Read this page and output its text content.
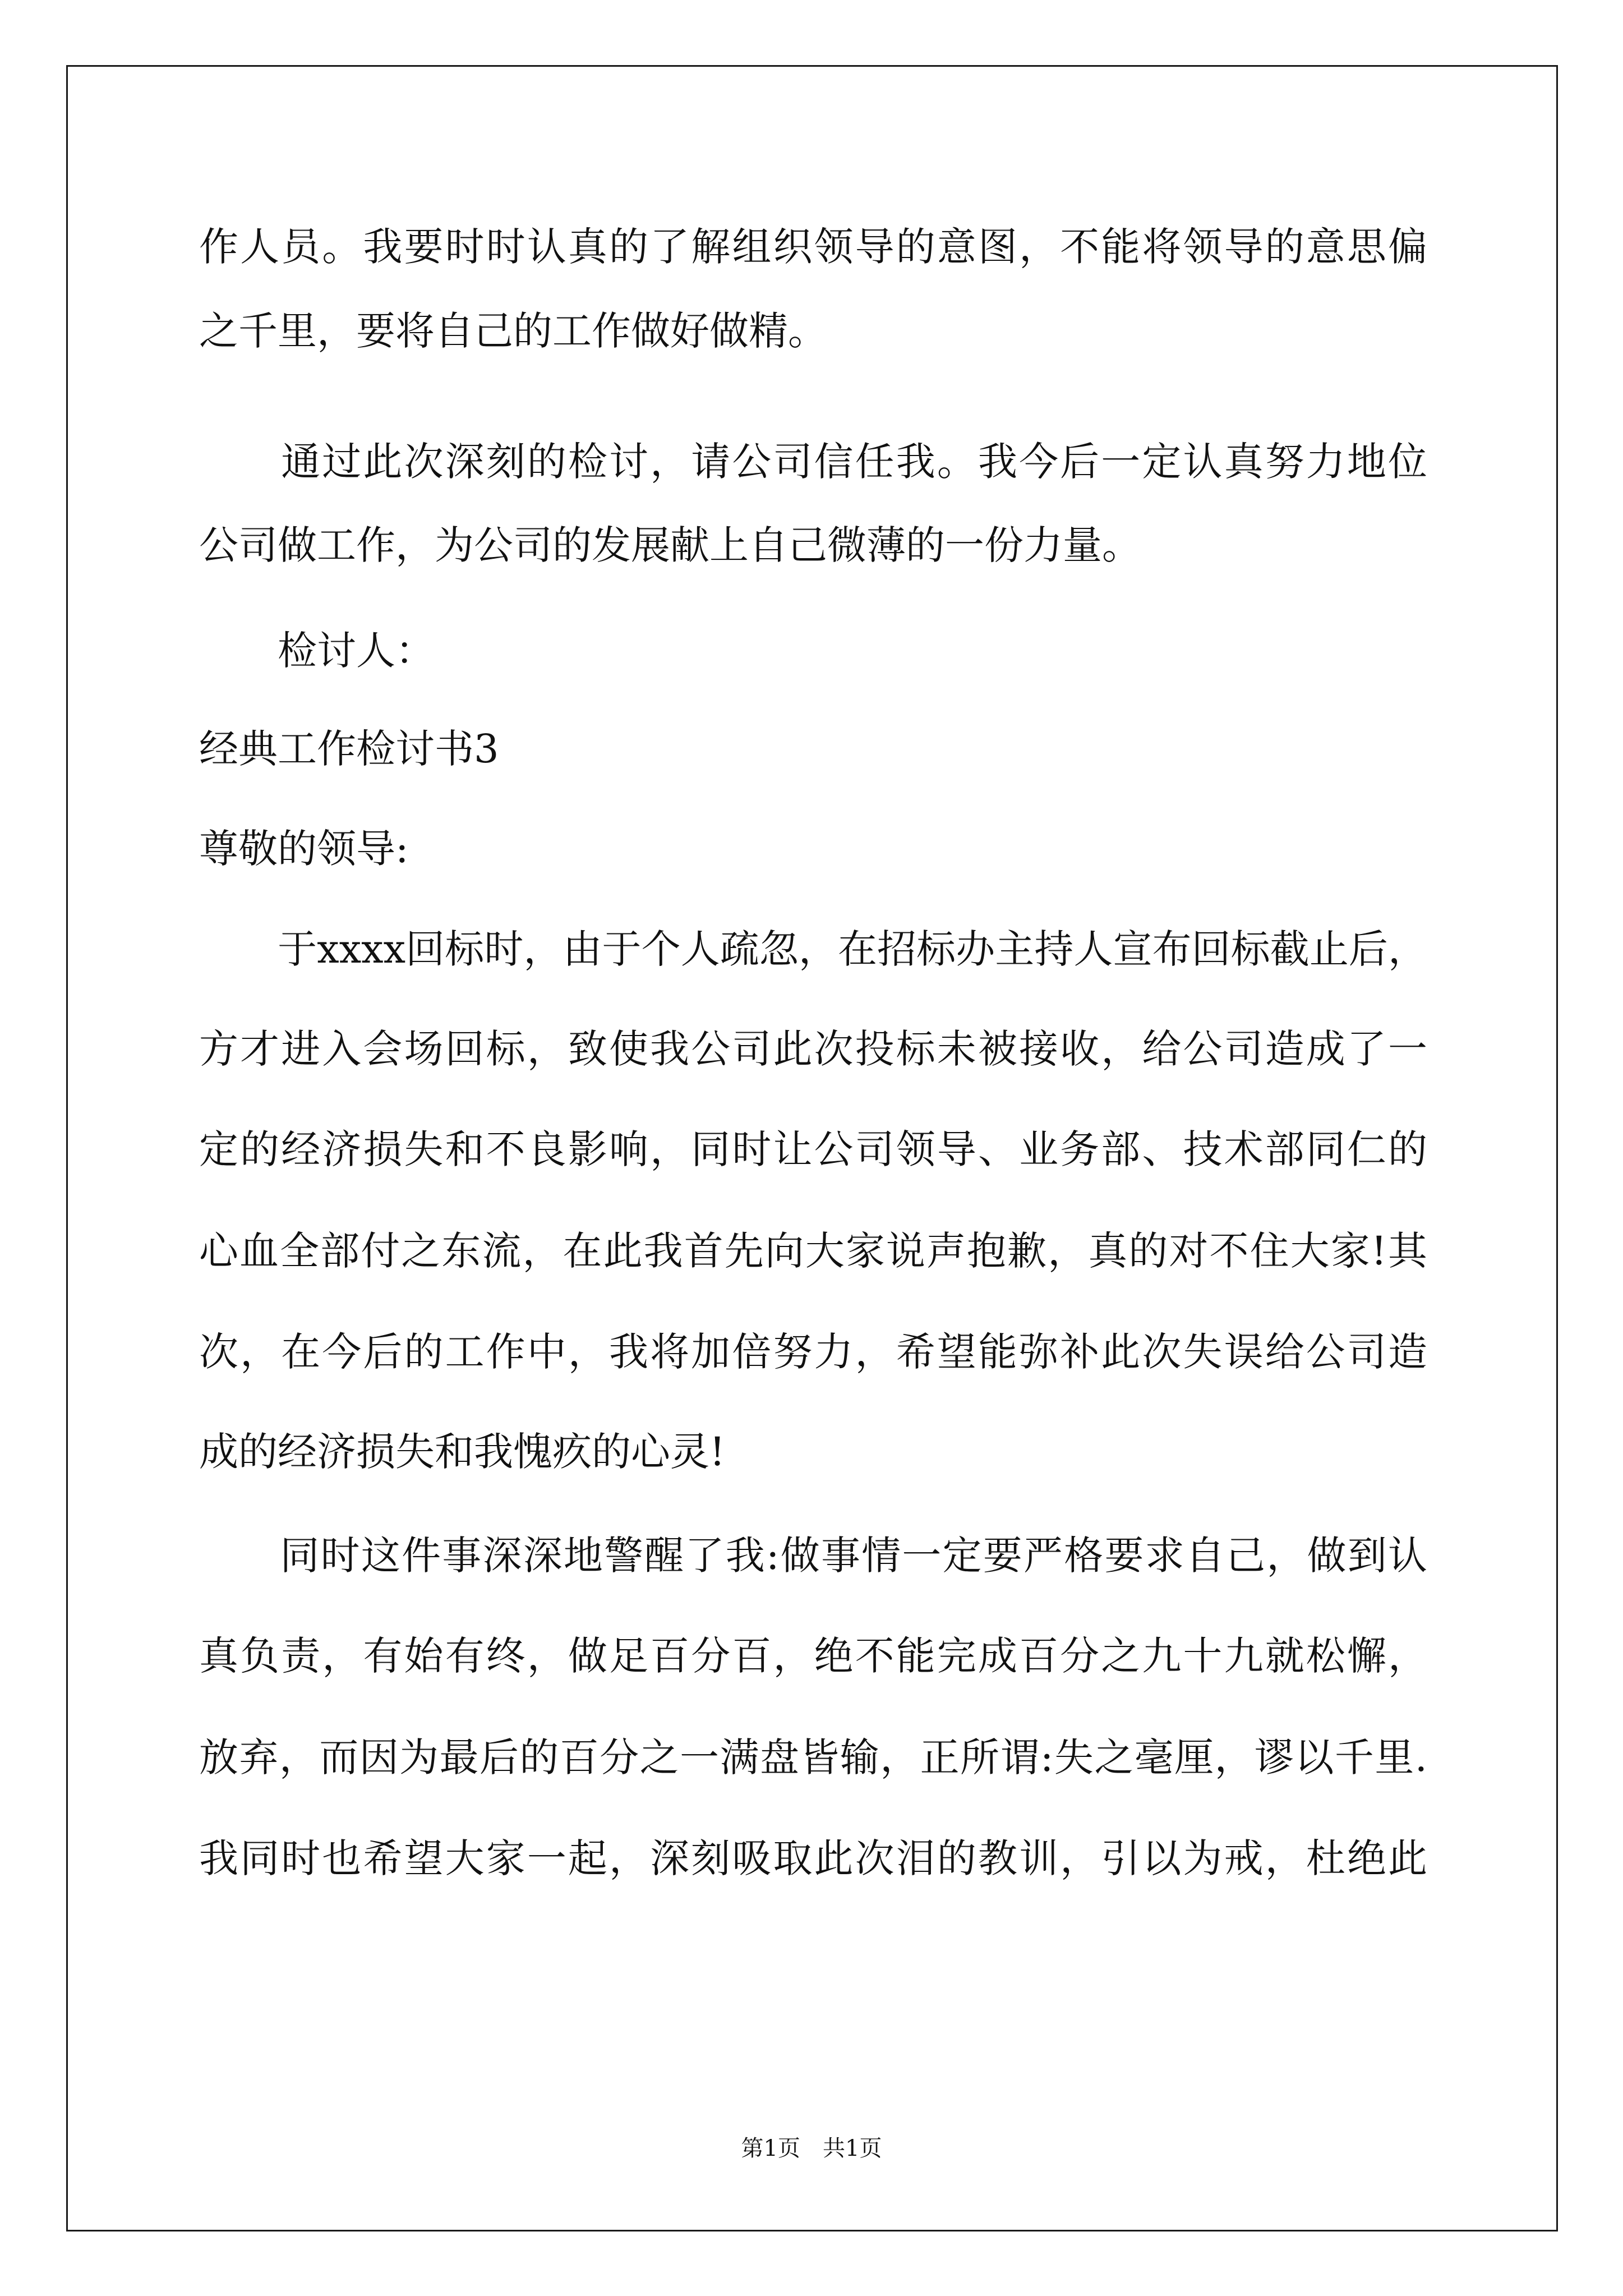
作人员。我要时时认真的了解组织领导的意图，不能将领导的意思偏
之千里，要将自己的工作做好做精。
　　通过此次深刻的检讨，请公司信任我。我今后一定认真努力地位
公司做工作，为公司的发展献上自己微薄的一份力量。
　　检讨人：
经典工作检讨书3
尊敬的领导:
　　于xxxx回标时，由于个人疏忽，在招标办主持人宣布回标截止后，
方才进入会场回标，致使我公司此次投标未被接收，给公司造成了一
定的经济损失和不良影响，同时让公司领导、业务部、技术部同仁的
心血全部付之东流，在此我首先向大家说声抱歉，真的对不住大家!其
次，在今后的工作中，我将加倍努力，希望能弥补此次失误给公司造
成的经济损失和我愧疚的心灵!
　　同时这件事深深地警醒了我:做事情一定要严格要求自己，做到认
真负责，有始有终，做足百分百，绝不能完成百分之九十九就松懈，
放弃，而因为最后的百分之一满盘皆输，正所谓:失之毫厘，谬以千里.
我同时也希望大家一起，深刻吸取此次泪的教训，引以为戒，杜绝此
第1页　共1页
